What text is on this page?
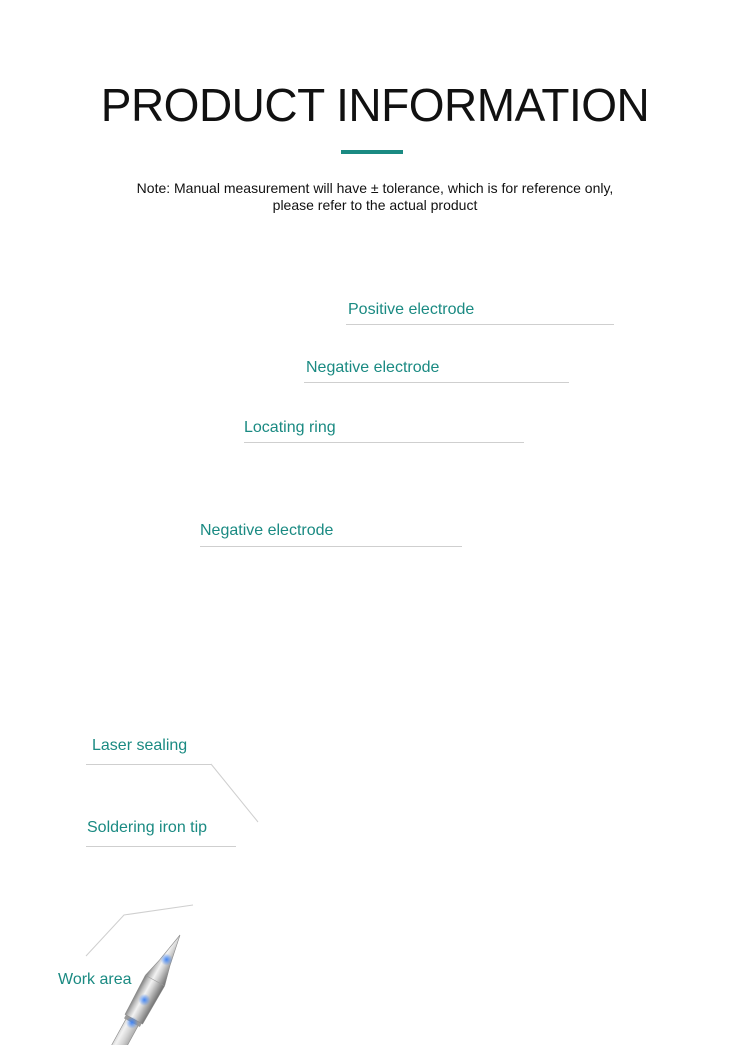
PRODUCT INFORMATION
Note: Manual measurement will have ± tolerance, which is for reference only,
please refer to the actual product
Positive electrode
Negative electrode
Locating ring
Negative electrode
Laser sealing
Soldering iron tip
Work area
